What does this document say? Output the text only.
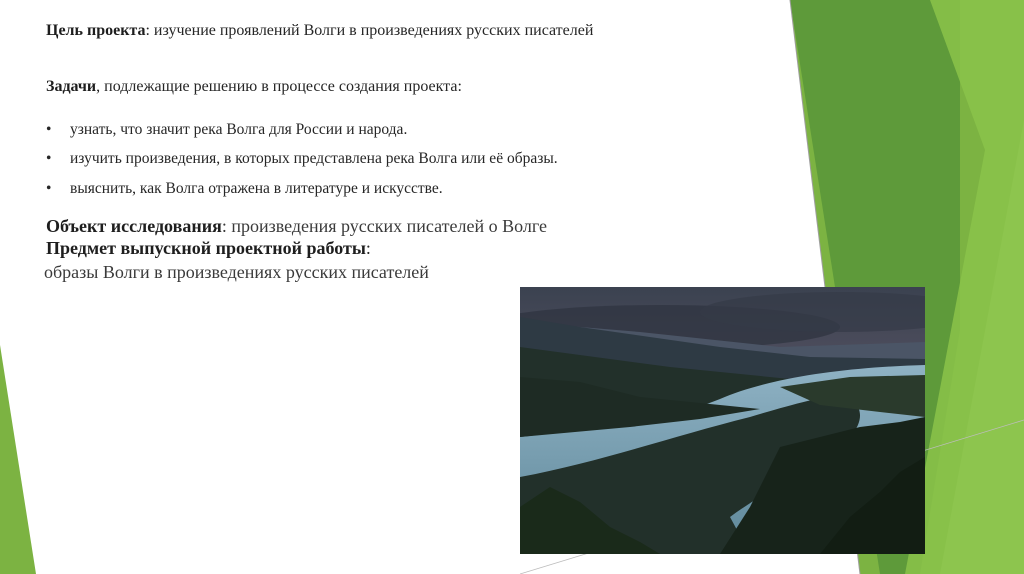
Цель проекта: изучение проявлений Волги в произведениях русских писателей
Задачи, подлежащие решению в процессе создания проекта:
• узнать, что значит река Волга для России и народа.
• изучить произведения, в которых представлена река Волга или её образы.
• выяснить, как Волга отражена в литературе и искусстве.
Объект исследования: произведения русских писателей о Волге
Предмет выпускной проектной работы:
образы Волги в произведениях русских писателей
